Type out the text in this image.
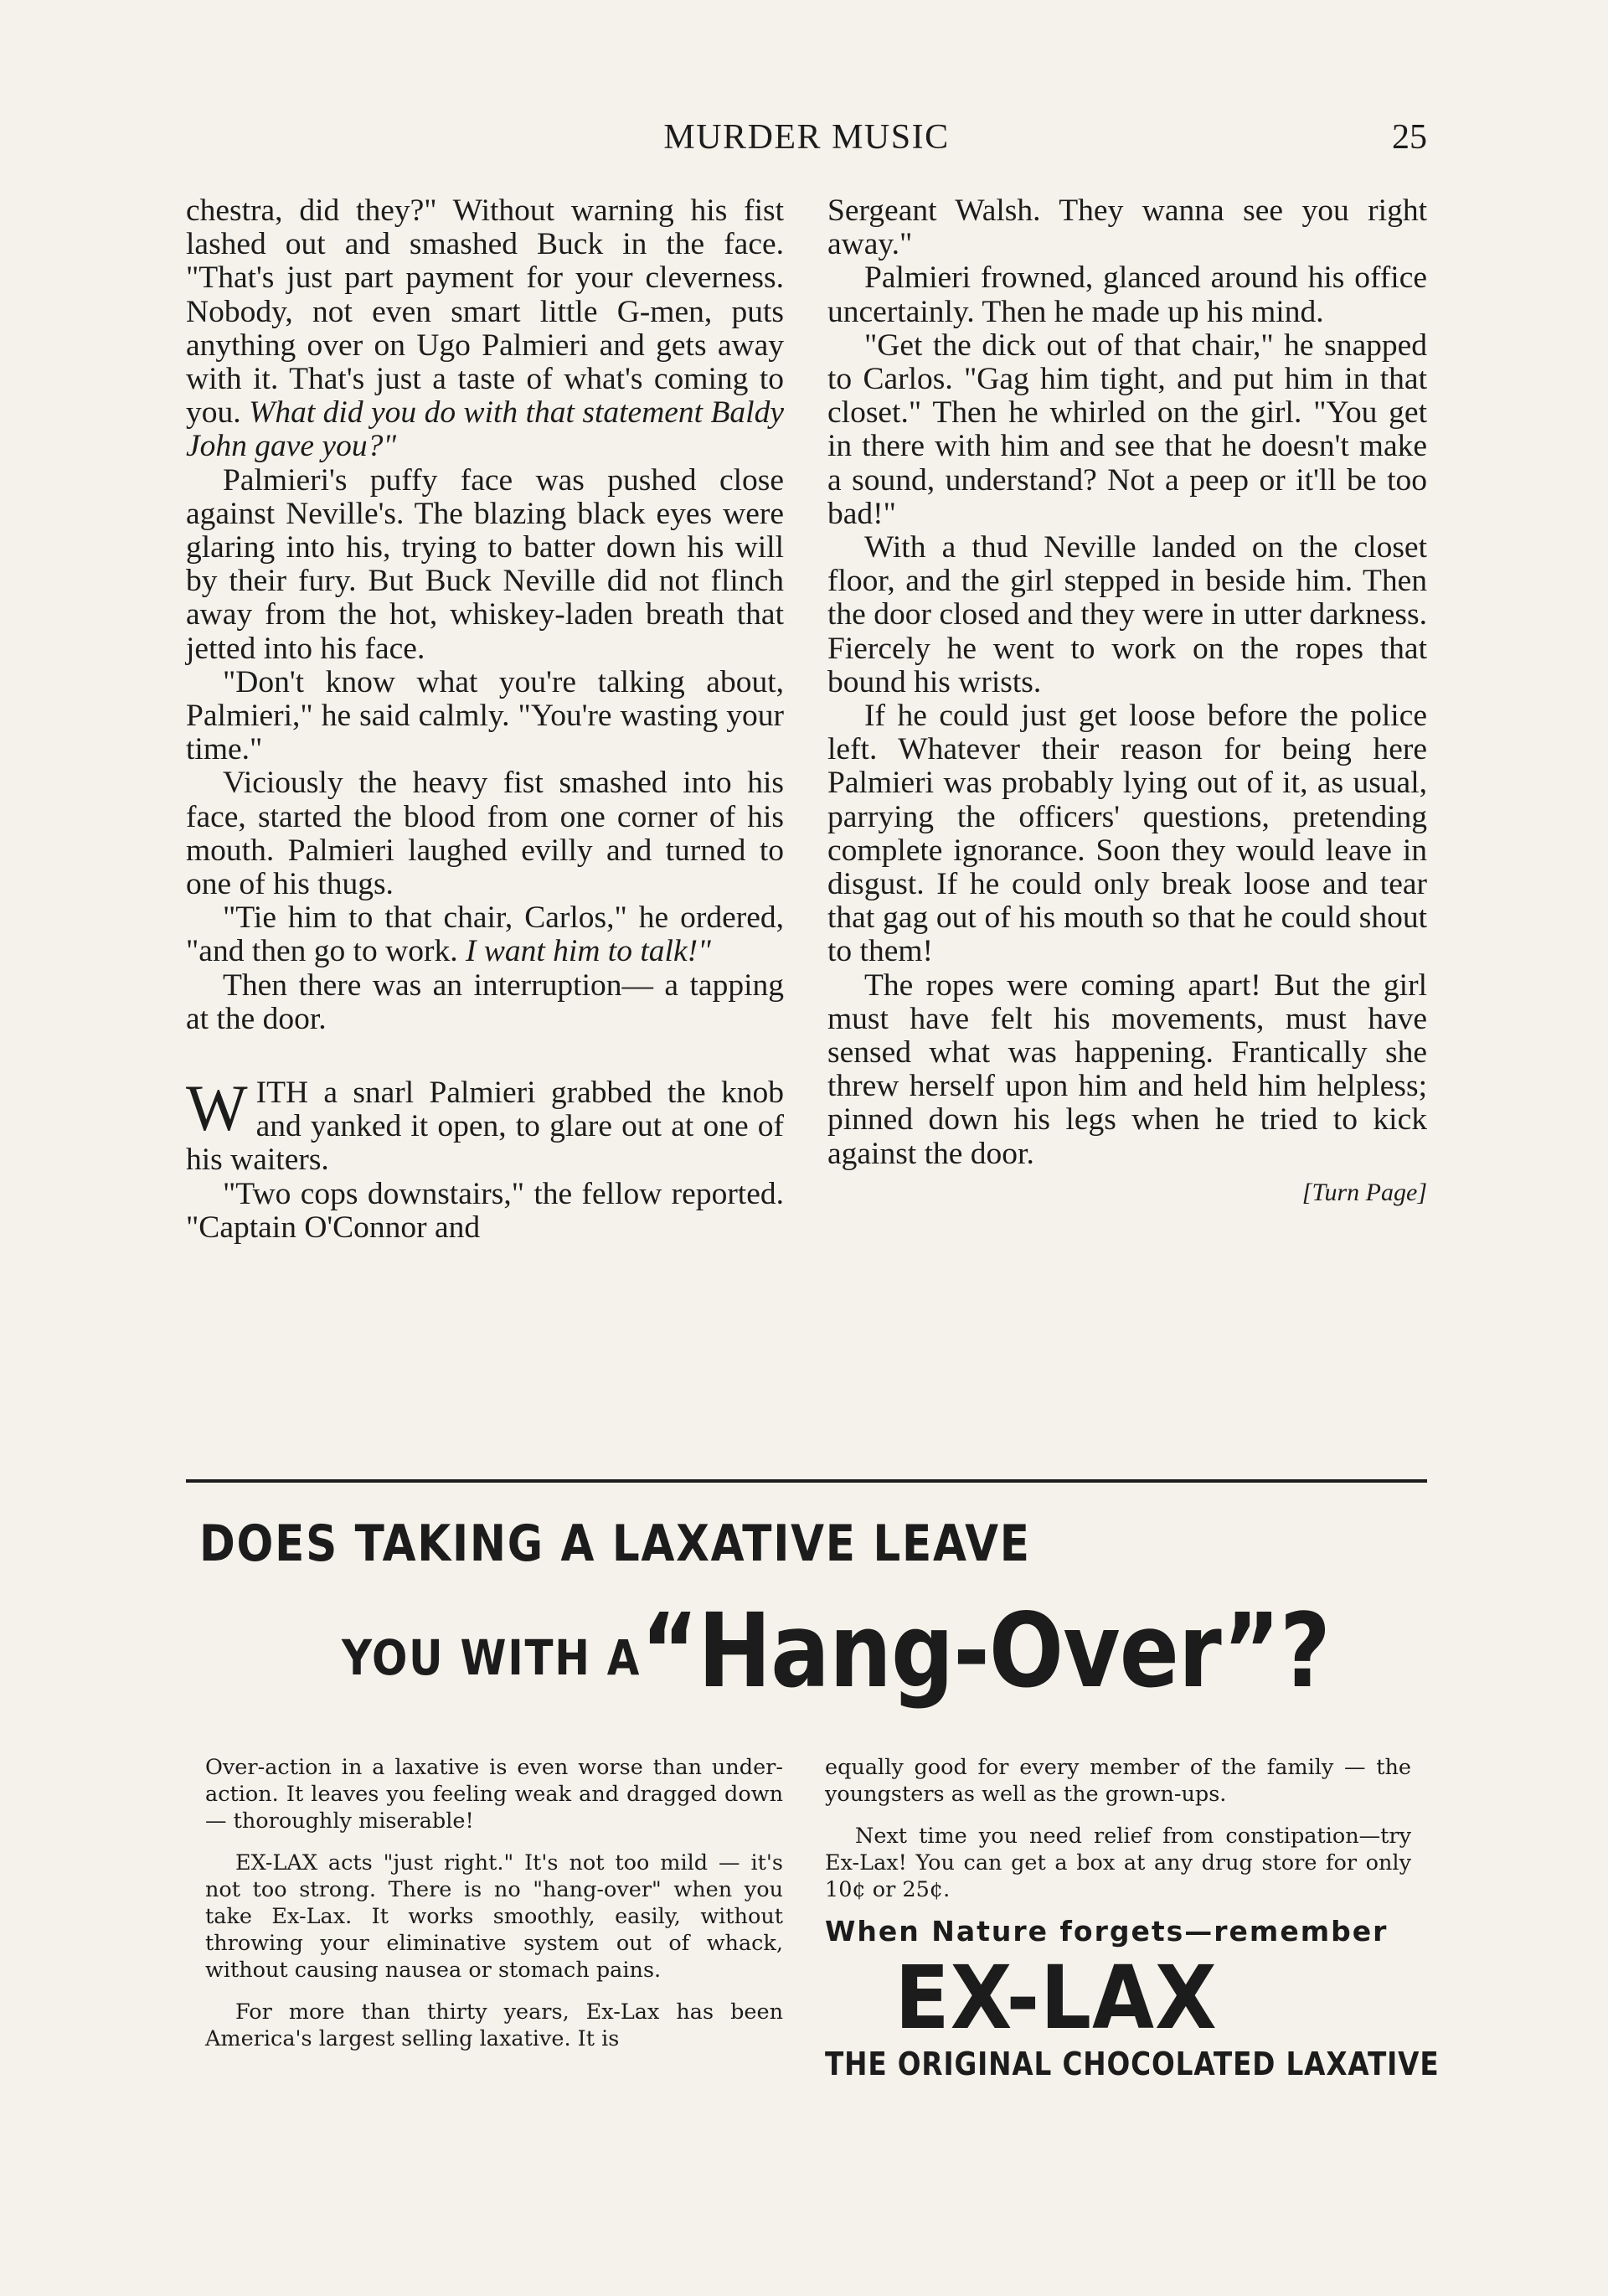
MURDER MUSIC	25

chestra, did they?" Without warning his fist lashed out and smashed Buck in the face. "That's just part payment for your cleverness. Nobody, not even smart little G-men, puts anything over on Ugo Palmieri and gets away with it. That's just a taste of what's coming to you. What did you do with that statement Baldy John gave you?"

Palmieri's puffy face was pushed close against Neville's. The blazing black eyes were glaring into his, trying to batter down his will by their fury. But Buck Neville did not flinch away from the hot, whiskey-laden breath that jetted into his face.

"Don't know what you're talking about, Palmieri," he said calmly. "You're wasting your time."

Viciously the heavy fist smashed into his face, started the blood from one corner of his mouth. Palmieri laughed evilly and turned to one of his thugs.

"Tie him to that chair, Carlos," he ordered, "and then go to work. I want him to talk!"

Then there was an interruption— a tapping at the door.

WITH a snarl Palmieri grabbed the knob and yanked it open, to glare out at one of his waiters.

"Two cops downstairs," the fellow reported. "Captain O'Connor and

Sergeant Walsh. They wanna see you right away."

Palmieri frowned, glanced around his office uncertainly. Then he made up his mind.

"Get the dick out of that chair," he snapped to Carlos. "Gag him tight, and put him in that closet." Then he whirled on the girl. "You get in there with him and see that he doesn't make a sound, understand? Not a peep or it'll be too bad!"

With a thud Neville landed on the closet floor, and the girl stepped in beside him. Then the door closed and they were in utter darkness. Fiercely he went to work on the ropes that bound his wrists.

If he could just get loose before the police left. Whatever their reason for being here Palmieri was probably lying out of it, as usual, parrying the officers' questions, pretending complete ignorance. Soon they would leave in disgust. If he could only break loose and tear that gag out of his mouth so that he could shout to them!

The ropes were coming apart! But the girl must have felt his movements, must have sensed what was happening. Frantically she threw herself upon him and held him helpless; pinned down his legs when he tried to kick against the door.

[Turn Page]
DOES TAKING A LAXATIVE LEAVE
YOU WITH A“Hang-Over”?

Over-action in a laxative is even worse than under-action. It leaves you feeling weak and dragged down — thoroughly miserable!

EX-LAX acts "just right." It's not too mild — it's not too strong. There is no "hang-over" when you take Ex-Lax. It works smoothly, easily, without throwing your eliminative system out of whack, without causing nausea or stomach pains.

For more than thirty years, Ex-Lax has been America's largest selling laxative. It is

equally good for every member of the family — the youngsters as well as the grown-ups.

Next time you need relief from constipation—try Ex-Lax! You can get a box at any drug store for only 10¢ or 25¢.

When Nature forgets—remember
EX-LAX
THE ORIGINAL CHOCOLATED LAXATIVE
